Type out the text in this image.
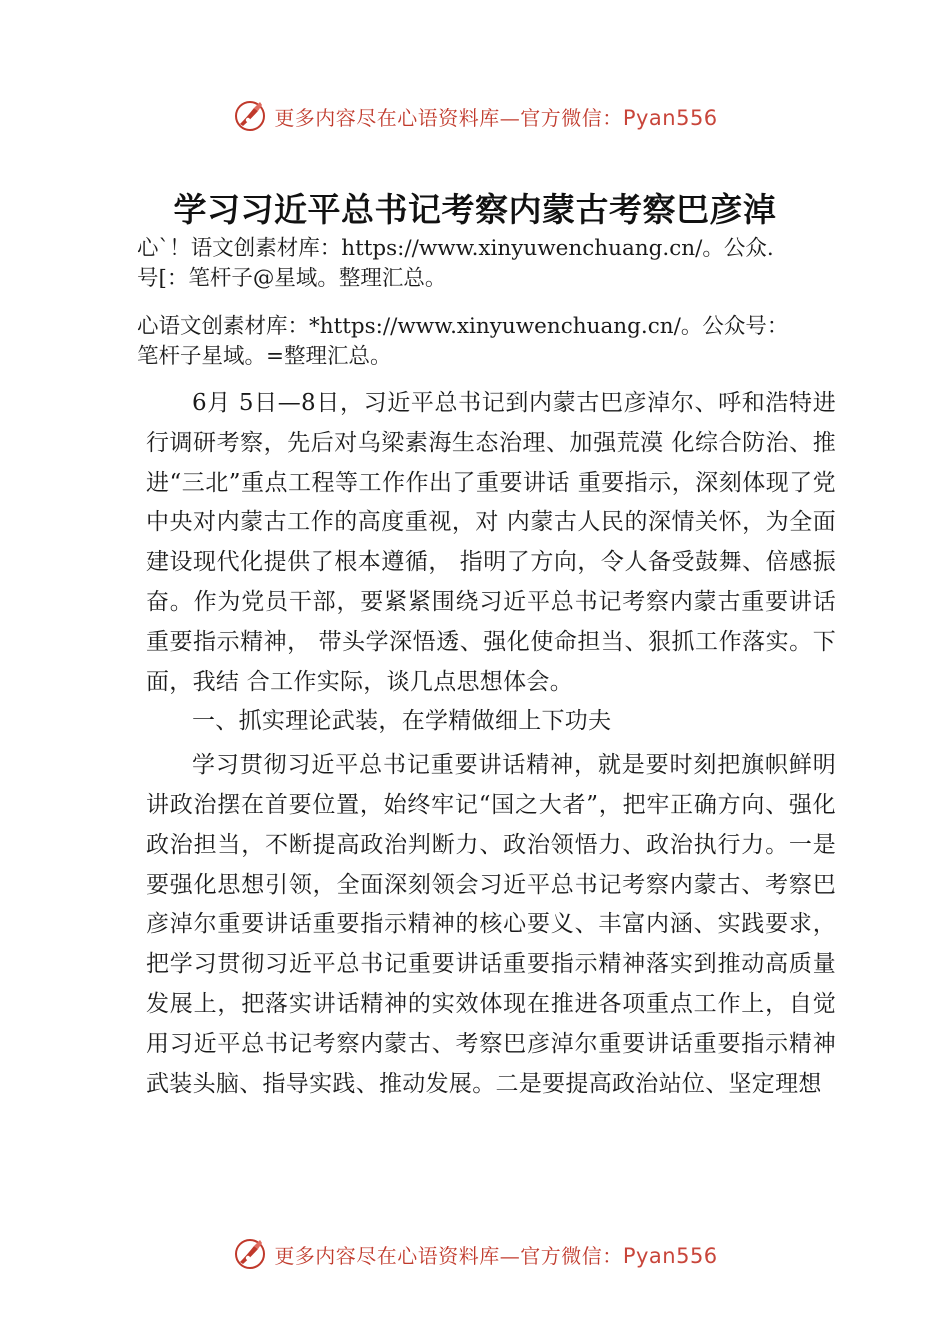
更多内容尽在心语资料库—官方微信：Pyan556
学习习近平总书记考察内蒙古考察巴彦淖

心`！语文创素材库：https://www.xinyuwenchuang.cn/。公众.
号[：笔杆子@星域。整理汇总。

心语文创素材库：*https://www.xinyuwenchuang.cn/。公众号：
笔杆子星域。=整理汇总。

6月 5日—8日，习近平总书记到内蒙古巴彦淖尔、呼和浩特进行调研考察，先后对乌梁素海生态治理、加强荒漠 化综合防治、推进“三北”重点工程等工作作出了重要讲话 重要指示，深刻体现了党中央对内蒙古工作的高度重视，对 内蒙古人民的深情关怀，为全面建设现代化提供了根本遵循， 指明了方向，令人备受鼓舞、倍感振奋。作为党员干部，要紧紧围绕习近平总书记考察内蒙古重要讲话重要指示精神， 带头学深悟透、强化使命担当、狠抓工作落实。下面，我结 合工作实际，谈几点思想体会。

一、抓实理论武装，在学精做细上下功夫

学习贯彻习近平总书记重要讲话精神，就是要时刻把旗帜鲜明讲政治摆在首要位置，始终牢记“国之大者”，把牢正确方向、强化政治担当，不断提高政治判断力、政治领悟力、政治执行力。一是要强化思想引领，全面深刻领会习近平总书记考察内蒙古、考察巴彦淖尔重要讲话重要指示精神的核心要义、丰富内涵、实践要求，把学习贯彻习近平总书记重要讲话重要指示精神落实到推动高质量发展上，把落实讲话精神的实效体现在推进各项重点工作上，自觉用习近平总书记考察内蒙古、考察巴彦淖尔重要讲话重要指示精神武装头脑、指导实践、推动发展。二是要提高政治站位、坚定理想

更多内容尽在心语资料库—官方微信：Pyan556
